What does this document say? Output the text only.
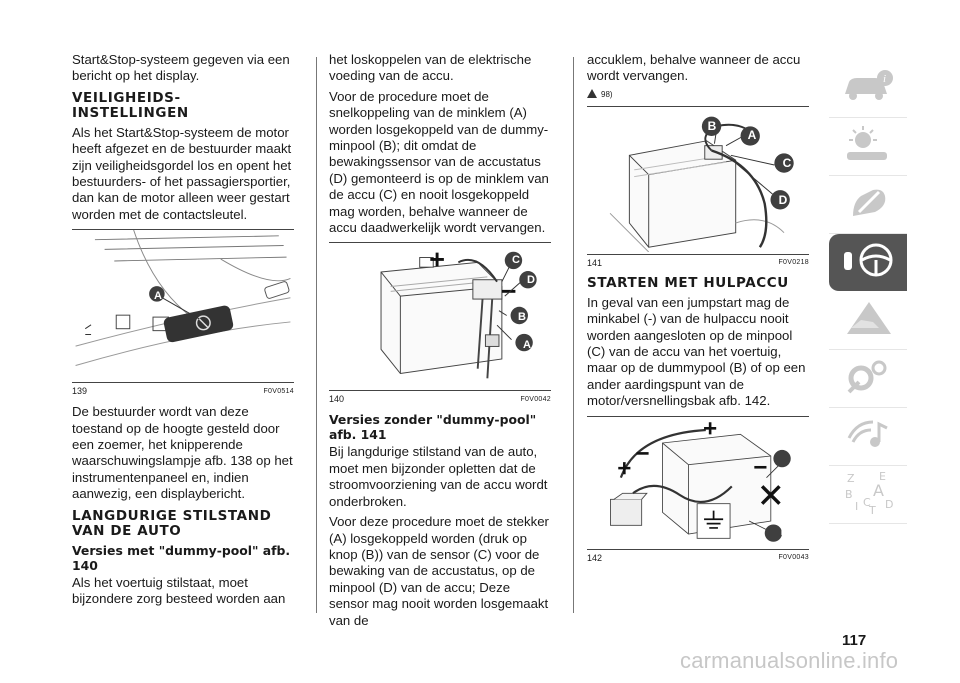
Start&Stop-systeem gegeven via een bericht op het display.

VEILIGHEIDS-
INSTELLINGEN

Als het Start&Stop-systeem de motor heeft afgezet en de bestuurder maakt zijn veiligheidsgordel los en opent het bestuurders- of het passagiersportier, dan kan de motor alleen weer gestart worden met de contactsleutel.

A
139	F0V0514

De bestuurder wordt van deze toestand op de hoogte gesteld door een zoemer, het knipperende waarschuwingslampje afb. 138 op het instrumentenpaneel en, indien aanwezig, een displaybericht.

LANGDURIGE STILSTAND VAN DE AUTO
Versies met "dummy-pool" afb. 140

Als het voertuig stilstaat, moet bijzondere zorg besteed worden aan

het loskoppelen van de elektrische voeding van de accu.

Voor de procedure moet de snelkoppeling van de minklem (A) worden losgekoppeld van de dummy-minpool (B); dit omdat de bewakingssensor van de accustatus (D) gemonteerd is op de minklem van de accu (C) en nooit losgekoppeld mag worden, behalve wanneer de accu daadwerkelijk wordt vervangen.

C
D
B
A
140	F0V0042
Versies zonder "dummy-pool" afb. 141

Bij langdurige stilstand van de auto, moet men bijzonder opletten dat de stroomvoorziening van de accu wordt onderbroken.

Voor deze procedure moet de stekker (A) losgekoppeld worden (druk op knop (B)) van de sensor (C) voor de bewaking van de accustatus, op de minpool (D) van de accu; Deze sensor mag nooit worden losgemaakt van de

accuklem, behalve wanneer de accu wordt vervangen.

98)
B
A
C
D
141	F0V0218
STARTEN MET HULPACCU

In geval van een jumpstart mag de minkabel (-) van de hulpaccu nooit worden aangesloten op de minpool (C) van de accu van het voertuig, maar op de dummypool (B) of op een ander aardingspunt van de motor/versnellingsbak afb. 142.

C
B
142	F0V0043
i
Z E
B A
I C
T D
117
carmanualsonline.info
